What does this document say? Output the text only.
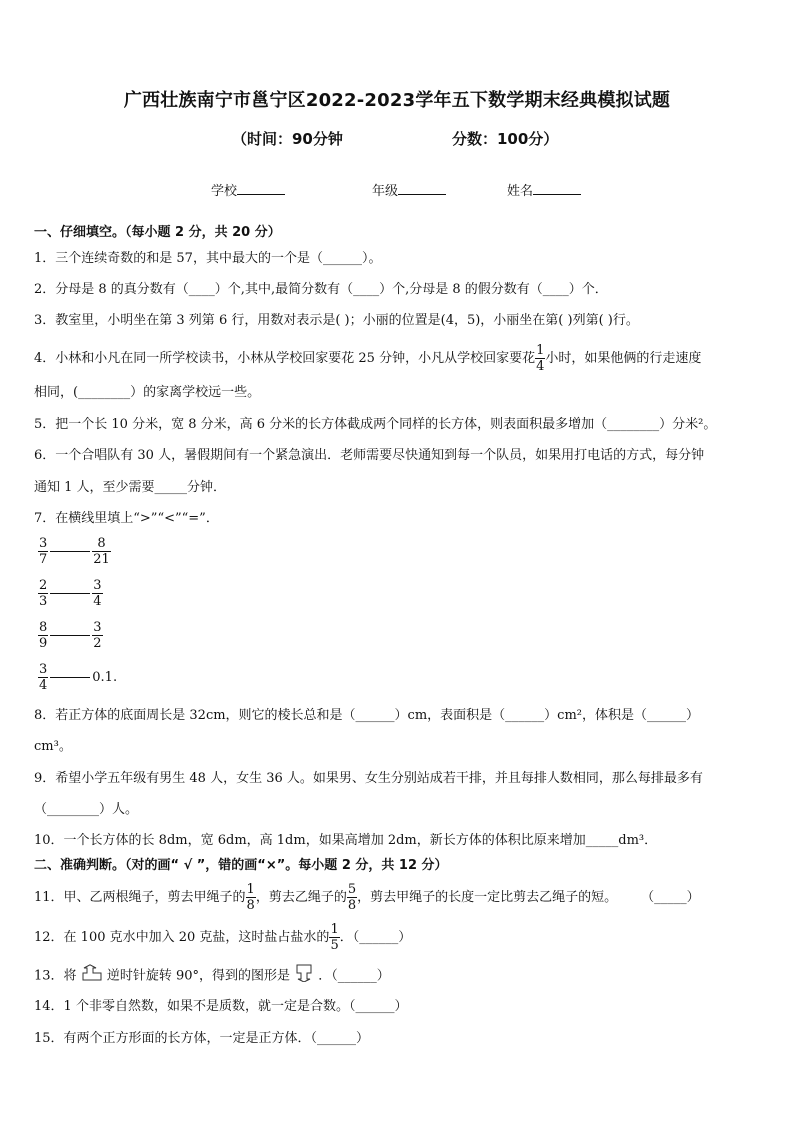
广西壮族南宁市邕宁区2022-2023学年五下数学期末经典模拟试题
（时间：90分钟	分数：100分）
学校	年级	姓名
一、仔细填空。（每小题 2 分，共 20 分）
1．三个连续奇数的和是 57，其中最大的一个是（______）。
2．分母是 8 的真分数有（____）个,其中,最简分数有（____）个,分母是 8 的假分数有（____）个．
3．教室里，小明坐在第 3 列第 6 行，用数对表示是( )；小丽的位置是(4，5)，小丽坐在第( )列第( )行。
4．小林和小凡在同一所学校读书，小林从学校回家要花 25 分钟，小凡从学校回家要花 $\frac{1}{4}$ 小时，如果他俩的行走速度
相同，(________）的家离学校远一些。
5．把一个长 10 分米，宽 8 分米，高 6 分米的长方体截成两个同样的长方体，则表面积最多增加（________）分米²。
6．一个合唱队有 30 人，暑假期间有一个紧急演出．老师需要尽快通知到每一个队员，如果用打电话的方式，每分钟
通知 1 人，至少需要_____分钟．
7．在横线里填上“>”“<”“=”．
$\frac{3}{7}$	$\frac{8}{21}$
$\frac{2}{3}$	$\frac{3}{4}$
$\frac{8}{9}$	$\frac{3}{2}$
$\frac{3}{4}$	0.1.
8．若正方体的底面周长是 32cm，则它的棱长总和是（______）cm，表面积是（______）cm²，体积是（______）
cm³。
9．希望小学五年级有男生 48 人，女生 36 人。如果男、女生分别站成若干排，并且每排人数相同，那么每排最多有
（________）人。
10．一个长方体的长 8dm，宽 6dm，高 1dm，如果高增加 2dm，新长方体的体积比原来增加_____dm³．
二、准确判断。（对的画“ √ ”，错的画“×”。每小题 2 分，共 12 分）
11．甲、乙两根绳子，剪去甲绳子的 $\frac{1}{8}$ ，剪去乙绳子的 $\frac{5}{8}$ ，剪去甲绳子的长度一定比剪去乙绳子的短。 （_____）
12．在 100 克水中加入 20 克盐，这时盐占盐水的 $\frac{1}{5}$ ．（______）
13．将 逆时针旋转 90°，得到的图形是 ．（______）
14．1 个非零自然数，如果不是质数，就一定是合数。（______）
15．有两个正方形面的长方体，一定是正方体．（______）
